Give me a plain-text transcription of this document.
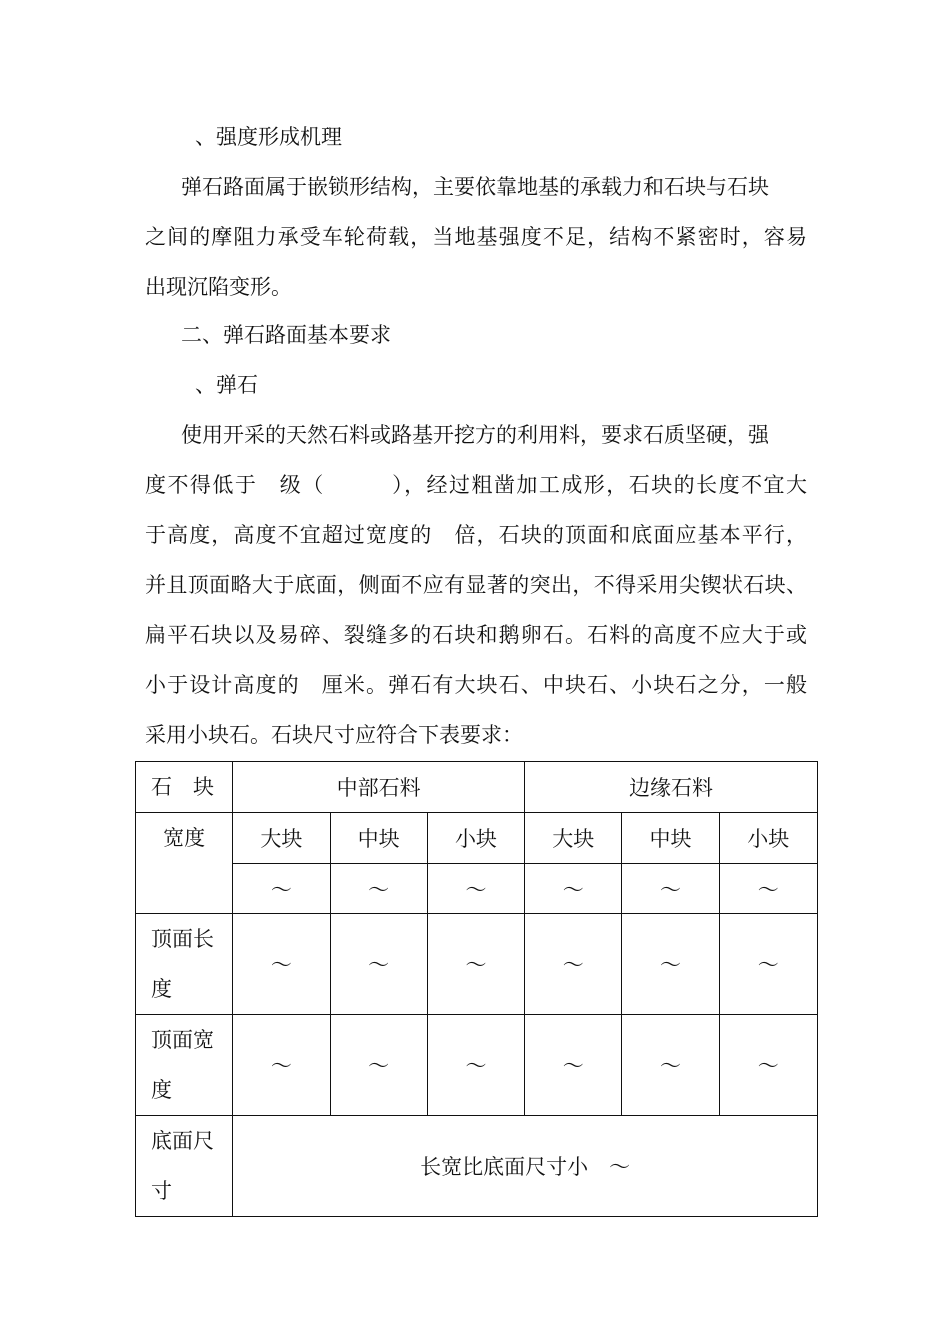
、强度形成机理
弹石路面属于嵌锁形结构，主要依靠地基的承载力和石块与石块
之间的摩阻力承受车轮荷载，当地基强度不足，结构不紧密时，容易
出现沉陷变形。
二、弹石路面基本要求
、弹石
使用开采的天然石料或路基开挖方的利用料，要求石质坚硬，强
度不得低于　级（　　　），经过粗凿加工成形，石块的长度不宜大
于高度，高度不宜超过宽度的　倍，石块的顶面和底面应基本平行，
并且顶面略大于底面，侧面不应有显著的突出，不得采用尖锲状石块、
扁平石块以及易碎、裂缝多的石块和鹅卵石。石料的高度不应大于或
小于设计高度的　厘米。弹石有大块石、中块石、小块石之分，一般
采用小块石。石块尺寸应符合下表要求：
石　块	中部石料			边缘石料		
宽度	大块	中块	小块	大块	中块	小块
	～	～	～	～	～	～
顶面长度	～	～	～	～	～	～
顶面宽度	～	～	～	～	～	～
底面尺寸	长宽比底面尺寸小　～					
